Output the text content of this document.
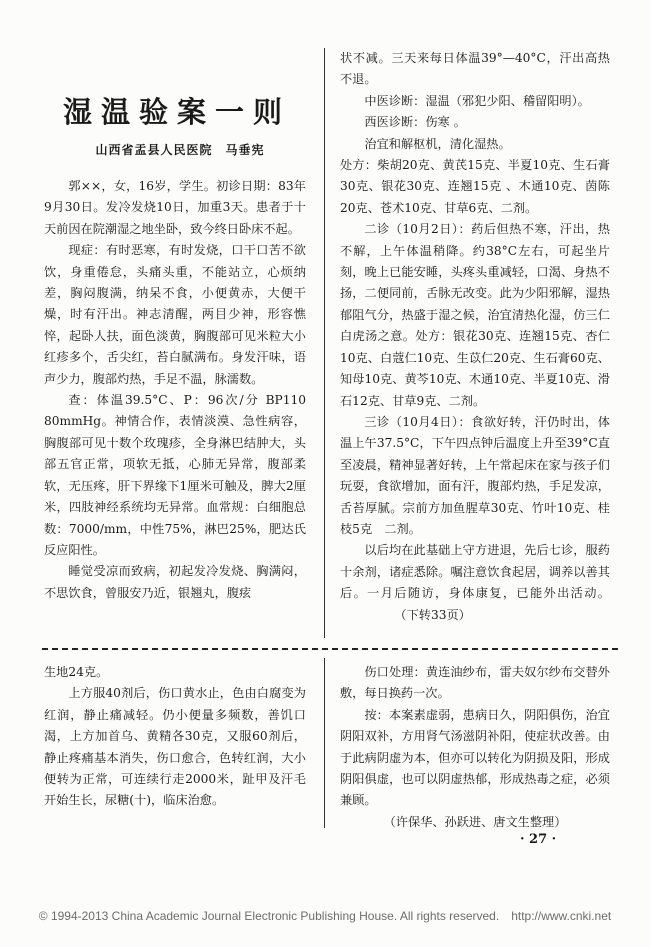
湿温验案一则
山西省盂县人民医院　马垂宪

郭××，女，16岁，学生。初诊日期：83年9月30日。发冷发烧10日，加重3天。患者于十天前因在院潮湿之地坐卧，致今终日卧床不起。

现症：有时恶寒，有时发烧，口干口苦不欲饮，身重倦怠，头痛头重，不能站立，心烦纳差，胸闷腹满，纳呆不食，小便黄赤，大便干燥，时有汗出。神志清醒，两目少神，形容憔悴，起卧人扶，面色淡黄，胸腹部可见米粒大小红疹多个，舌尖红，苔白腻满布。身发汗味，语声少力，腹部灼热，手足不温，脉濡数。

查：体温39.5°C、P：96次/分 BP110 80mmHg。神情合作，表情淡漠、急性病容，胸腹部可见十数个玫瑰疹，全身淋巴结肿大，头部五官正常，项软无抵，心肺无异常，腹部柔软，无压疼，肝下界缘下1厘米可触及，脾大2厘米，四肢神经系统均无异常。血常规：白细胞总数：7000/mm，中性75%，淋巴25%，肥达氏反应阳性。

睡觉受凉而致病，初起发冷发烧、胸满闷，不思饮食，曾服安乃近，银翘丸，腹痃

状不减。三天来每日体温39°—40°C，汗出高热不退。

中医诊断：湿温（邪犯少阳、稽留阳明）。

西医诊断：伤寒 。

治宜和解枢机，清化湿热。

处方：柴胡20克、黄芪15克、半夏10克、生石膏30克、银花30克、连翘15克 、木通10克、茵陈20克、苍术10克、甘草6克、二剂。

二诊（10月2日）：药后但热不寒，汗出，热不解，上午体温稍降。约38°C左右，可起坐片刻，晚上已能安睡，头疼头重减轻，口渴、身热不扬，二便同前，舌脉无改变。此为少阳邪解，湿热郁阻气分，热盛于湿之候，治宜清热化湿，仿三仁白虎汤之意。处方：银花30克、连翘15克、杏仁10克、白蔻仁10克、生苡仁20克、生石膏60克、知母10克、黄芩10克、木通10克、半夏10克、滑石12克、甘草9克、二剂。

三诊（10月4日）：食欲好转，汗仍时出，体温上午37.5°C，下午四点钟后温度上升至39°C直至凌晨，精神显著好转，上午常起床在家与孩子们玩耍，食欲增加，面有汗，腹部灼热，手足发凉，舌苔厚腻。宗前方加鱼腥草30克、竹叶10克、桂枝5克　二剂。

以后均在此基础上守方进退，先后七诊，服药十余剂，诸症悉除。嘱注意饮食起居，调养以善其后。一月后随访，身体康复，已能外出活动。（下转33页）

生地24克。

上方服40剂后，伤口黄水止，色由白腐变为红润，静止痛减轻。仍小便量多频数，善饥口渴，上方加首乌、黄精各30克，又服60剂后，静止疼痛基本消失，伤口愈合，色转红润，大小便转为正常，可连续行走2000米，趾甲及汗毛开始生长，尿糖(十)，临床治愈。

伤口处理：黄连油纱布，雷夫奴尔纱布交替外敷，每日换药一次。

按：本案素虚弱，患病日久，阴阳俱伤，治宜阴阳双补，方用肾气汤滋阴补阳，使症状改善。由于此病阴虚为本，但亦可以转化为阴损及阳，形成阴阳俱虚，也可以阴虚热郁，形成热毒之症，必须兼顾。

（许保华、孙跃进、唐文生整理）

· 27 ·
© 1994-2013 China Academic Journal Electronic Publishing House. All rights reserved.　http://www.cnki.net
